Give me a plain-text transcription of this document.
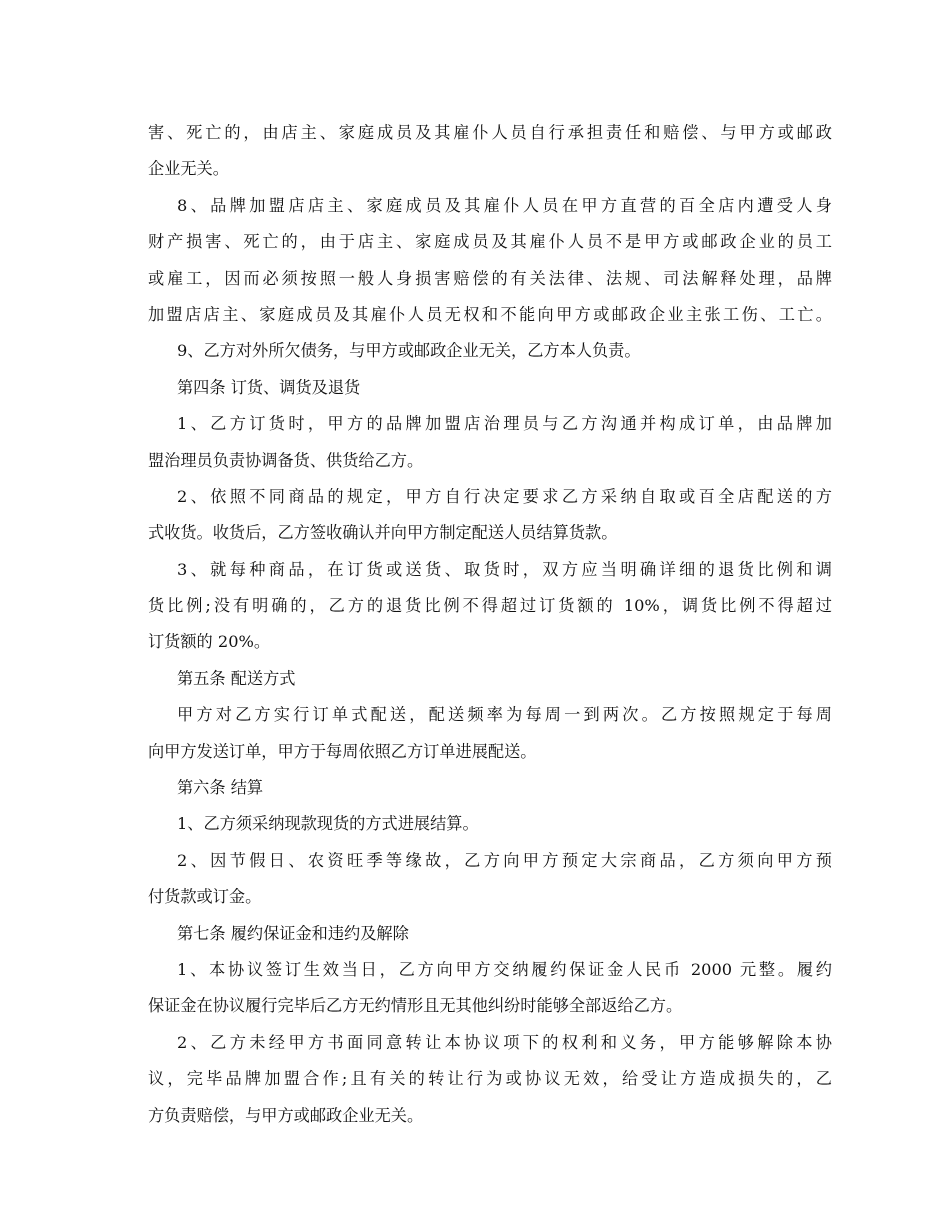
害、死亡的，由店主、家庭成员及其雇仆人员自行承担责任和赔偿、与甲方或邮政
企业无关。
8、品牌加盟店店主、家庭成员及其雇仆人员在甲方直营的百全店内遭受人身
财产损害、死亡的，由于店主、家庭成员及其雇仆人员不是甲方或邮政企业的员工
或雇工，因而必须按照一般人身损害赔偿的有关法律、法规、司法解释处理，品牌
加盟店店主、家庭成员及其雇仆人员无权和不能向甲方或邮政企业主张工伤、工亡。
9、乙方对外所欠债务，与甲方或邮政企业无关，乙方本人负责。
第四条 订货、调货及退货
1、乙方订货时，甲方的品牌加盟店治理员与乙方沟通并构成订单，由品牌加
盟治理员负责协调备货、供货给乙方。
2、依照不同商品的规定，甲方自行决定要求乙方采纳自取或百全店配送的方
式收货。收货后，乙方签收确认并向甲方制定配送人员结算货款。
3、就每种商品，在订货或送货、取货时，双方应当明确详细的退货比例和调
货比例;没有明确的，乙方的退货比例不得超过订货额的 10%，调货比例不得超过
订货额的 20%。
第五条 配送方式
甲方对乙方实行订单式配送，配送频率为每周一到两次。乙方按照规定于每周
向甲方发送订单，甲方于每周依照乙方订单进展配送。
第六条 结算
1、乙方须采纳现款现货的方式进展结算。
2、因节假日、农资旺季等缘故，乙方向甲方预定大宗商品，乙方须向甲方预
付货款或订金。
第七条 履约保证金和违约及解除
1、本协议签订生效当日，乙方向甲方交纳履约保证金人民币 2000 元整。履约
保证金在协议履行完毕后乙方无约情形且无其他纠纷时能够全部返给乙方。
2、乙方未经甲方书面同意转让本协议项下的权利和义务，甲方能够解除本协
议，完毕品牌加盟合作;且有关的转让行为或协议无效，给受让方造成损失的，乙
方负责赔偿，与甲方或邮政企业无关。
